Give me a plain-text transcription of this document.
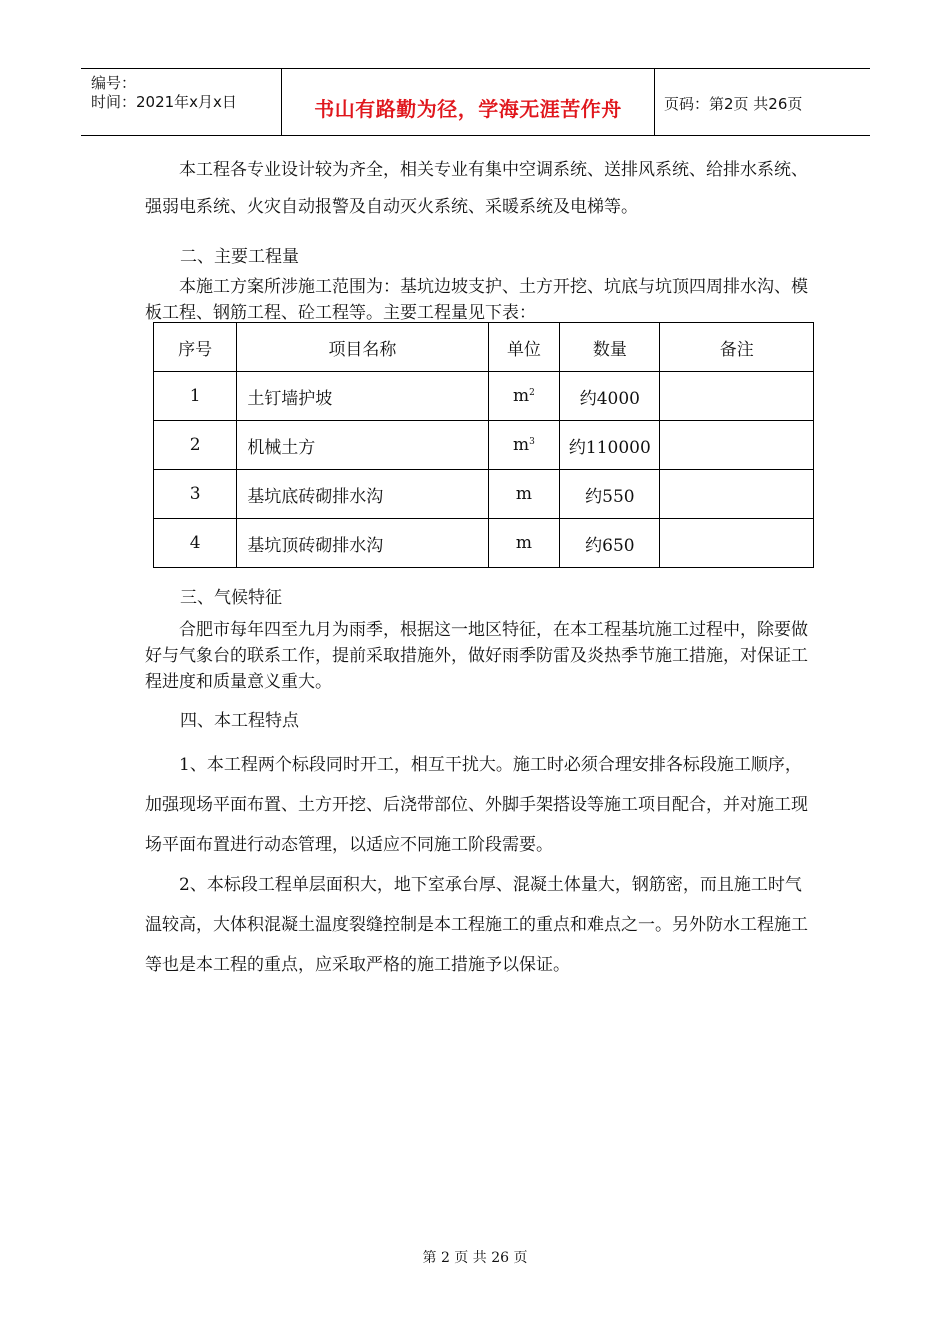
编号：
时间：2021年x月x日	书山有路勤为径，学海无涯苦作舟	页码：第2页 共26页
本工程各专业设计较为齐全，相关专业有集中空调系统、送排风系统、给排水系统、强弱电系统、火灾自动报警及自动灭火系统、采暖系统及电梯等。
二、主要工程量
本施工方案所涉施工范围为：基坑边坡支护、土方开挖、坑底与坑顶四周排水沟、模板工程、钢筋工程、砼工程等。主要工程量见下表：
序号	项目名称	单位	数量	备注
1	土钉墙护坡	$m^2$	约4000	
2	机械土方	$m^3$	约110000	
3	基坑底砖砌排水沟	m	约550	
4	基坑顶砖砌排水沟	m	约650	
三、气候特征
合肥市每年四至九月为雨季，根据这一地区特征，在本工程基坑施工过程中，除要做好与气象台的联系工作，提前采取措施外，做好雨季防雷及炎热季节施工措施，对保证工程进度和质量意义重大。
四、本工程特点
1、本工程两个标段同时开工，相互干扰大。施工时必须合理安排各标段施工顺序，加强现场平面布置、土方开挖、后浇带部位、外脚手架搭设等施工项目配合，并对施工现场平面布置进行动态管理，以适应不同施工阶段需要。
2、本标段工程单层面积大，地下室承台厚、混凝土体量大，钢筋密，而且施工时气温较高，大体积混凝土温度裂缝控制是本工程施工的重点和难点之一。另外防水工程施工等也是本工程的重点，应采取严格的施工措施予以保证。
第 2 页 共 26 页
